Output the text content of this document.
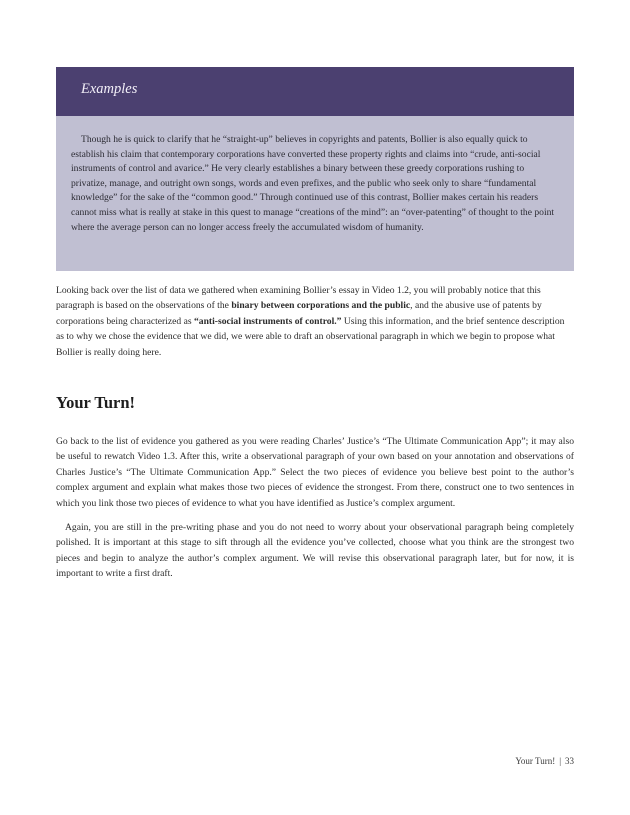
Examples

Though he is quick to clarify that he “straight-up” believes in copyrights and patents, Bollier is also equally quick to establish his claim that contemporary corporations have converted these property rights and claims into “crude, anti-social instruments of control and avarice.” He very clearly establishes a binary between these greedy corporations rushing to privatize, manage, and outright own songs, words and even prefixes, and the public who seek only to share “fundamental knowledge” for the sake of the “common good.” Through continued use of this contrast, Bollier makes certain his readers cannot miss what is really at stake in this quest to manage “creations of the mind”: an “over-patenting” of thought to the point where the average person can no longer access freely the accumulated wisdom of humanity.

Looking back over the list of data we gathered when examining Bollier’s essay in Video 1.2, you will probably notice that this paragraph is based on the observations of the binary between corporations and the public, and the abusive use of patents by corporations being characterized as “anti-social instruments of control.” Using this information, and the brief sentence description as to why we chose the evidence that we did, we were able to draft an observational paragraph in which we begin to propose what Bollier is really doing here.

Your Turn!

Go back to the list of evidence you gathered as you were reading Charles’ Justice’s “The Ultimate Communication App”; it may also be useful to rewatch Video 1.3. After this, write a observational paragraph of your own based on your annotation and observations of Charles Justice’s “The Ultimate Communication App.” Select the two pieces of evidence you believe best point to the author’s complex argument and explain what makes those two pieces of evidence the strongest. From there, construct one to two sentences in which you link those two pieces of evidence to what you have identified as Justice’s complex argument.

Again, you are still in the pre-writing phase and you do not need to worry about your observational paragraph being completely polished. It is important at this stage to sift through all the evidence you’ve collected, choose what you think are the strongest two pieces and begin to analyze the author’s complex argument. We will revise this observational paragraph later, but for now, it is important to write a first draft.

Your Turn! | 33
